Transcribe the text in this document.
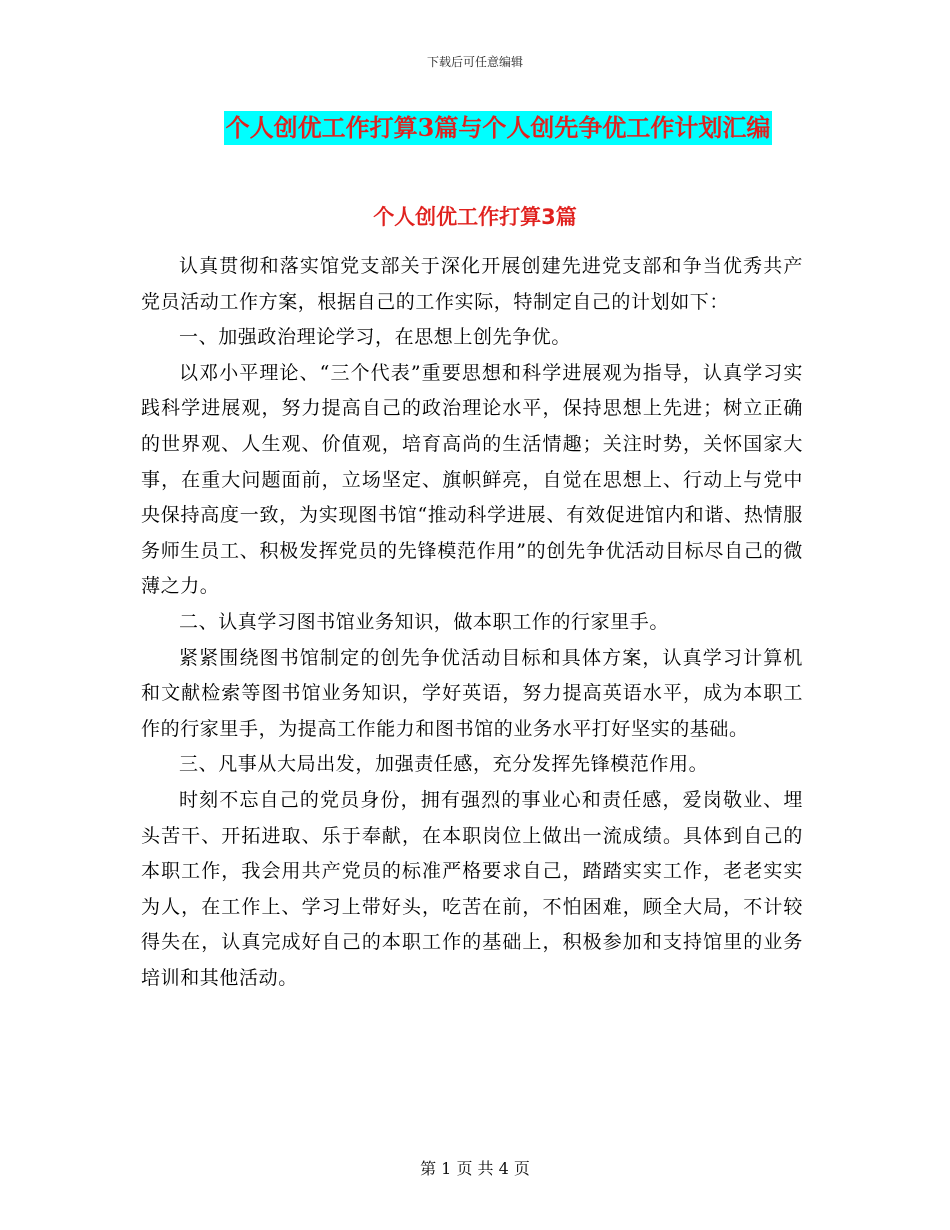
下载后可任意编辑
个人创优工作打算3篇与个人创先争优工作计划汇编
个人创优工作打算3篇

认真贯彻和落实馆党支部关于深化开展创建先进党支部和争当优秀共产党员活动工作方案，根据自己的工作实际，特制定自己的计划如下：

一、加强政治理论学习，在思想上创先争优。

以邓小平理论、“三个代表”重要思想和科学进展观为指导，认真学习实践科学进展观，努力提高自己的政治理论水平，保持思想上先进；树立正确的世界观、人生观、价值观，培育高尚的生活情趣；关注时势，关怀国家大事，在重大问题面前，立场坚定、旗帜鲜亮，自觉在思想上、行动上与党中央保持高度一致，为实现图书馆“推动科学进展、有效促进馆内和谐、热情服务师生员工、积极发挥党员的先锋模范作用”的创先争优活动目标尽自己的微薄之力。

二、认真学习图书馆业务知识，做本职工作的行家里手。

紧紧围绕图书馆制定的创先争优活动目标和具体方案，认真学习计算机和文献检索等图书馆业务知识，学好英语，努力提高英语水平，成为本职工作的行家里手，为提高工作能力和图书馆的业务水平打好坚实的基础。

三、凡事从大局出发，加强责任感，充分发挥先锋模范作用。

时刻不忘自己的党员身份，拥有强烈的事业心和责任感，爱岗敬业、埋头苦干、开拓进取、乐于奉献，在本职岗位上做出一流成绩。具体到自己的本职工作，我会用共产党员的标准严格要求自己，踏踏实实工作，老老实实为人，在工作上、学习上带好头，吃苦在前，不怕困难，顾全大局，不计较得失在，认真完成好自己的本职工作的基础上，积极参加和支持馆里的业务培训和其他活动。

第 1 页 共 4 页
